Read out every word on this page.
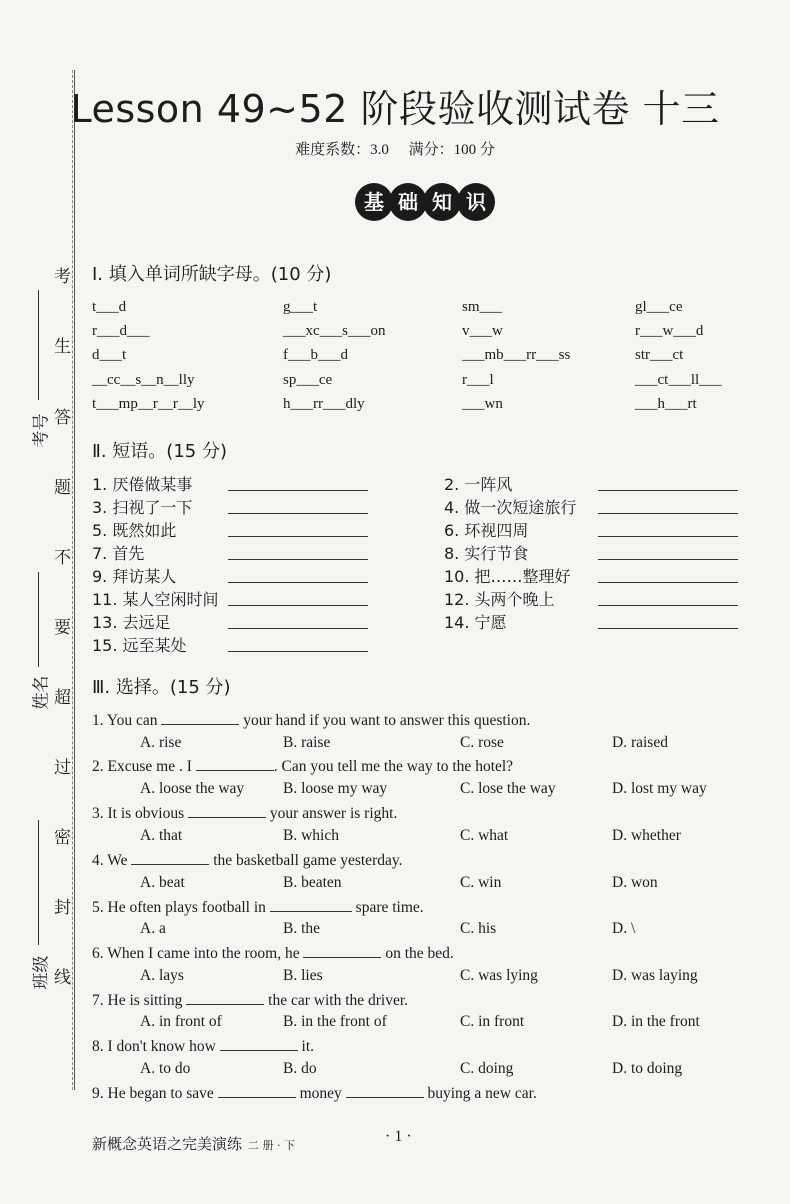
考
生
答
题
不
要
超
过
密
封
线
考号
姓名
班级
Lesson 49~52 阶段验收测试卷 十三
难度系数：3.0 满分：100 分
基 础 知 识
Ⅰ. 填入单词所缺字母。(10 分)
t___d	g___t	sm___	gl___ce
r___d___	___xc___s___on	v___w	r___w___d
d___t	f___b___d	___mb___rr___ss	str___ct
__cc__s__n__lly	sp___ce	r___l	___ct___ll___
t___mp__r__r__ly	h___rr___dly	___wn	___h___rt
Ⅱ. 短语。(15 分)
1. 厌倦做某事	2. 一阵风
3. 扫视了一下	4. 做一次短途旅行
5. 既然如此	6. 环视四周
7. 首先	8. 实行节食
9. 拜访某人	10. 把……整理好
11. 某人空闲时间	12. 头两个晚上
13. 去远足	14. 宁愿
15. 远至某处
Ⅲ. 选择。(15 分)
1. You can	your hand if you want to answer this question.
A. rise	B. raise	C. rose	D. raised
2. Excuse me . I	. Can you tell me the way to the hotel?
A. loose the way	B. loose my way	C. lose the way	D. lost my way
3. It is obvious	your answer is right.
A. that	B. which	C. what	D. whether
4. We	the basketball game yesterday.
A. beat	B. beaten	C. win	D. won
5. He often plays football in	spare time.
A. a	B. the	C. his	D. \
6. When I came into the room, he	on the bed.
A. lays	B. lies	C. was lying	D. was laying
7. He is sitting	the car with the driver.
A. in front of	B. in the front of	C. in front	D. in the front
8. I don't know how	it.
A. to do	B. do	C. doing	D. to doing
9. He began to save	money	buying a new car.
新概念英语之完美演练 二 册 · 下
· 1 ·
